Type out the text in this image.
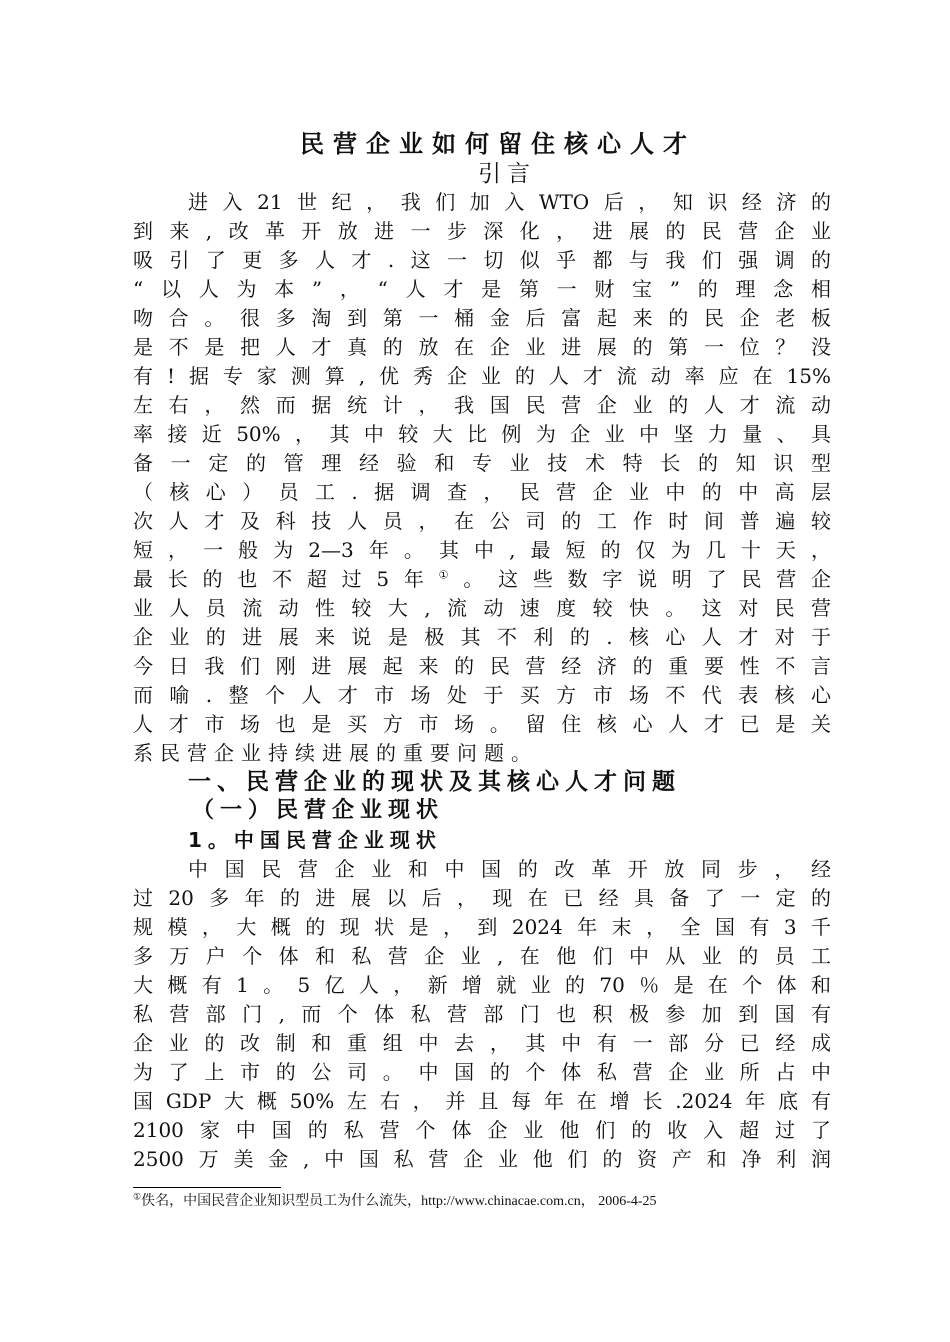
民营企业如何留住核心人才
引言
进入21世纪，我们加入WTO后，知识经济的
到来,改革开放进一步深化，进展的民营企业
吸引了更多人才.这一切似乎都与我们强调的
“以人为本”，“人才是第一财宝”的理念相
吻合。很多淘到第一桶金后富起来的民企老板
是不是把人才真的放在企业进展的第一位？没
有!据专家测算,优秀企业的人才流动率应在15%
左右，然而据统计，我国民营企业的人才流动
率接近50%，其中较大比例为企业中坚力量、具
备一定的管理经验和专业技术特长的知识型
（核心）员工.据调查，民营企业中的中高层
次人才及科技人员，在公司的工作时间普遍较
短，一般为2—3年。其中,最短的仅为几十天，
最长的也不超过5年①。这些数字说明了民营企
业人员流动性较大,流动速度较快。这对民营
企业的进展来说是极其不利的.核心人才对于
今日我们刚进展起来的民营经济的重要性不言
而喻.整个人才市场处于买方市场不代表核心
人才市场也是买方市场。留住核心人才已是关
系民营企业持续进展的重要问题。
一、民营企业的现状及其核心人才问题
（一）民营企业现状
1。中国民营企业现状
中国民营企业和中国的改革开放同步，经
过20多年的进展以后，现在已经具备了一定的
规模，大概的现状是，到2024年末，全国有3千
多万户个体和私营企业,在他们中从业的员工
大概有1。5亿人，新增就业的70％是在个体和
私营部门,而个体私营部门也积极参加到国有
企业的改制和重组中去，其中有一部分已经成
为了上市的公司。中国的个体私营企业所占中
国GDP大概50%左右，并且每年在增长.2024年底有
2100家中国的私营个体企业他们的收入超过了
2500万美金,中国私营企业他们的资产和净利润
①佚名，中国民营企业知识型员工为什么流失，http://www.chinacae.com.cn， 2006-4-25
